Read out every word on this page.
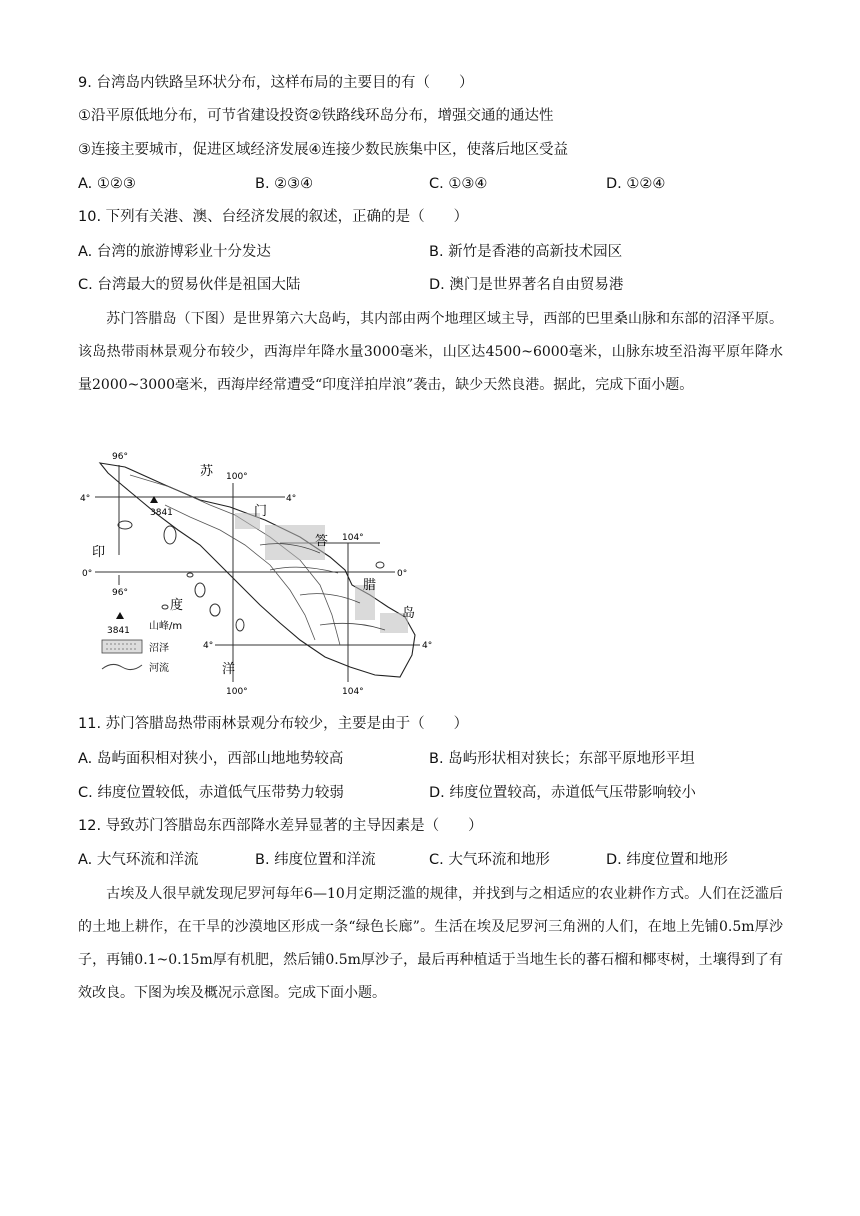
9. 台湾岛内铁路呈环状分布，这样布局的主要目的有（　　）
①沿平原低地分布，可节省建设投资②铁路线环岛分布，增强交通的通达性
③连接主要城市，促进区域经济发展④连接少数民族集中区，使落后地区受益
A. ①②③	B. ②③④	C. ①③④	D. ①②④
10. 下列有关港、澳、台经济发展的叙述，正确的是（　　）
A. 台湾的旅游博彩业十分发达	B. 新竹是香港的高新技术园区
C. 台湾最大的贸易伙伴是祖国大陆	D. 澳门是世界著名自由贸易港
苏门答腊岛（下图）是世界第六大岛屿，其内部由两个地理区域主导，西部的巴里桑山脉和东部的沼泽平原。该岛热带雨林景观分布较少，西海岸年降水量3000毫米，山区达4500~6000毫米，山脉东坡至沿海平原年降水量2000~3000毫米，西海岸经常遭受“印度洋拍岸浪”袭击，缺少天然良港。据此，完成下面小题。
3841
96°
96°
100°
100°
104°
104°
4°	4°
0°	0°
4°	4°
苏
门
答
腊
岛
印
度
洋
3841 山峰/m
沼泽
河流
11. 苏门答腊岛热带雨林景观分布较少，主要是由于（　　）
A. 岛屿面积相对狭小，西部山地地势较高	B. 岛屿形状相对狭长；东部平原地形平坦
C. 纬度位置较低，赤道低气压带势力较弱	D. 纬度位置较高，赤道低气压带影响较小
12. 导致苏门答腊岛东西部降水差异显著的主导因素是（　　）
A. 大气环流和洋流	B. 纬度位置和洋流	C. 大气环流和地形	D. 纬度位置和地形
古埃及人很早就发现尼罗河每年6—10月定期泛滥的规律，并找到与之相适应的农业耕作方式。人们在泛滥后的土地上耕作，在干旱的沙漠地区形成一条“绿色长廊”。生活在埃及尼罗河三角洲的人们，在地上先铺0.5m厚沙子，再铺0.1~0.15m厚有机肥，然后铺0.5m厚沙子，最后再种植适于当地生长的蕃石榴和椰枣树，土壤得到了有效改良。下图为埃及概况示意图。完成下面小题。
